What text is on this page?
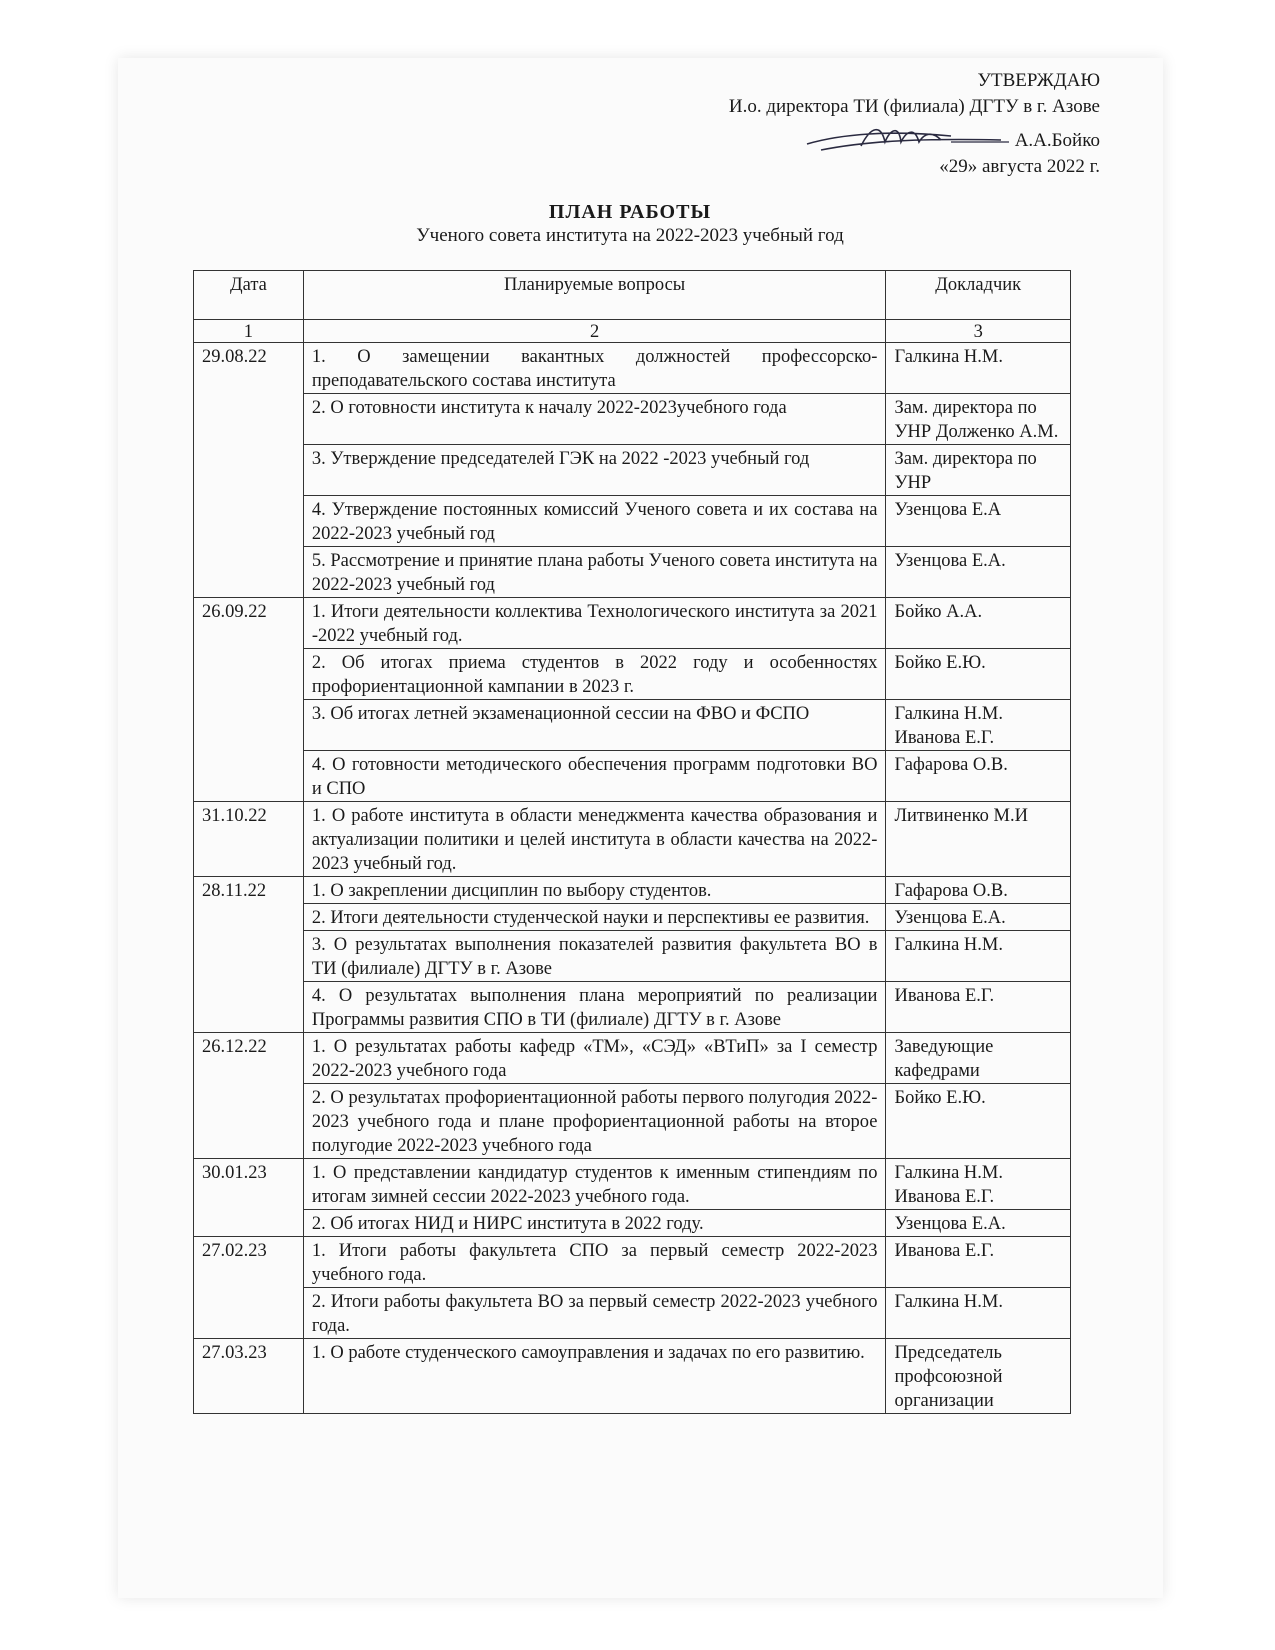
УТВЕРЖДАЮ
И.о. директора ТИ (филиала) ДГТУ в г. Азове
А.А.Бойко
«29» августа 2022 г.
ПЛАН РАБОТЫ
Ученого совета института на 2022-2023 учебный год
Дата	Планируемые вопросы	Докладчик
1	2	3
29.08.22	1. О замещении вакантных должностей профессорско-преподавательского состава института	Галкина Н.М.
	2. О готовности института к началу 2022-2023учебного года	Зам. директора по УНР Долженко А.М.
	3. Утверждение председателей ГЭК на 2022 -2023 учебный год	Зам. директора по УНР
	4. Утверждение постоянных комиссий Ученого совета и их состава на 2022-2023 учебный год	Узенцова Е.А
	5. Рассмотрение и принятие плана работы Ученого совета института на 2022-2023 учебный год	Узенцова Е.А.
26.09.22	1. Итоги деятельности коллектива Технологического института за 2021 -2022 учебный год.	Бойко А.А.
	2. Об итогах приема студентов в 2022 году и особенностях профориентационной кампании в 2023 г.	Бойко Е.Ю.
	3. Об итогах летней экзаменационной сессии на ФВО и ФСПО	Галкина Н.М. Иванова Е.Г.
	4. О готовности методического обеспечения программ подготовки ВО и СПО	Гафарова О.В.
31.10.22	1. О работе института в области менеджмента качества образования и актуализации политики и целей института в области качества на 2022-2023 учебный год.	Литвиненко М.И
28.11.22	1. О закреплении дисциплин по выбору студентов.	Гафарова О.В.
	2. Итоги деятельности студенческой науки и перспективы ее развития.	Узенцова Е.А.
	3. О результатах выполнения показателей развития факультета ВО в ТИ (филиале) ДГТУ в г. Азове	Галкина Н.М.
	4. О результатах выполнения плана мероприятий по реализации Программы развития СПО в ТИ (филиале) ДГТУ в г. Азове	Иванова Е.Г.
26.12.22	1. О результатах работы кафедр «ТМ», «СЭД» «ВТиП» за I семестр 2022-2023 учебного года	Заведующие кафедрами
	2. О результатах профориентационной работы первого полугодия 2022-2023 учебного года и плане профориентационной работы на второе полугодие 2022-2023 учебного года	Бойко Е.Ю.
30.01.23	1. О представлении кандидатур студентов к именным стипендиям по итогам зимней сессии 2022-2023 учебного года.	Галкина Н.М. Иванова Е.Г.
	2. Об итогах НИД и НИРС института в 2022 году.	Узенцова Е.А.
27.02.23	1. Итоги работы факультета СПО за первый семестр 2022-2023 учебного года.	Иванова Е.Г.
	2. Итоги работы факультета ВО за первый семестр 2022-2023 учебного года.	Галкина Н.М.
27.03.23	1. О работе студенческого самоуправления и задачах по его развитию.	Председатель профсоюзной организации
